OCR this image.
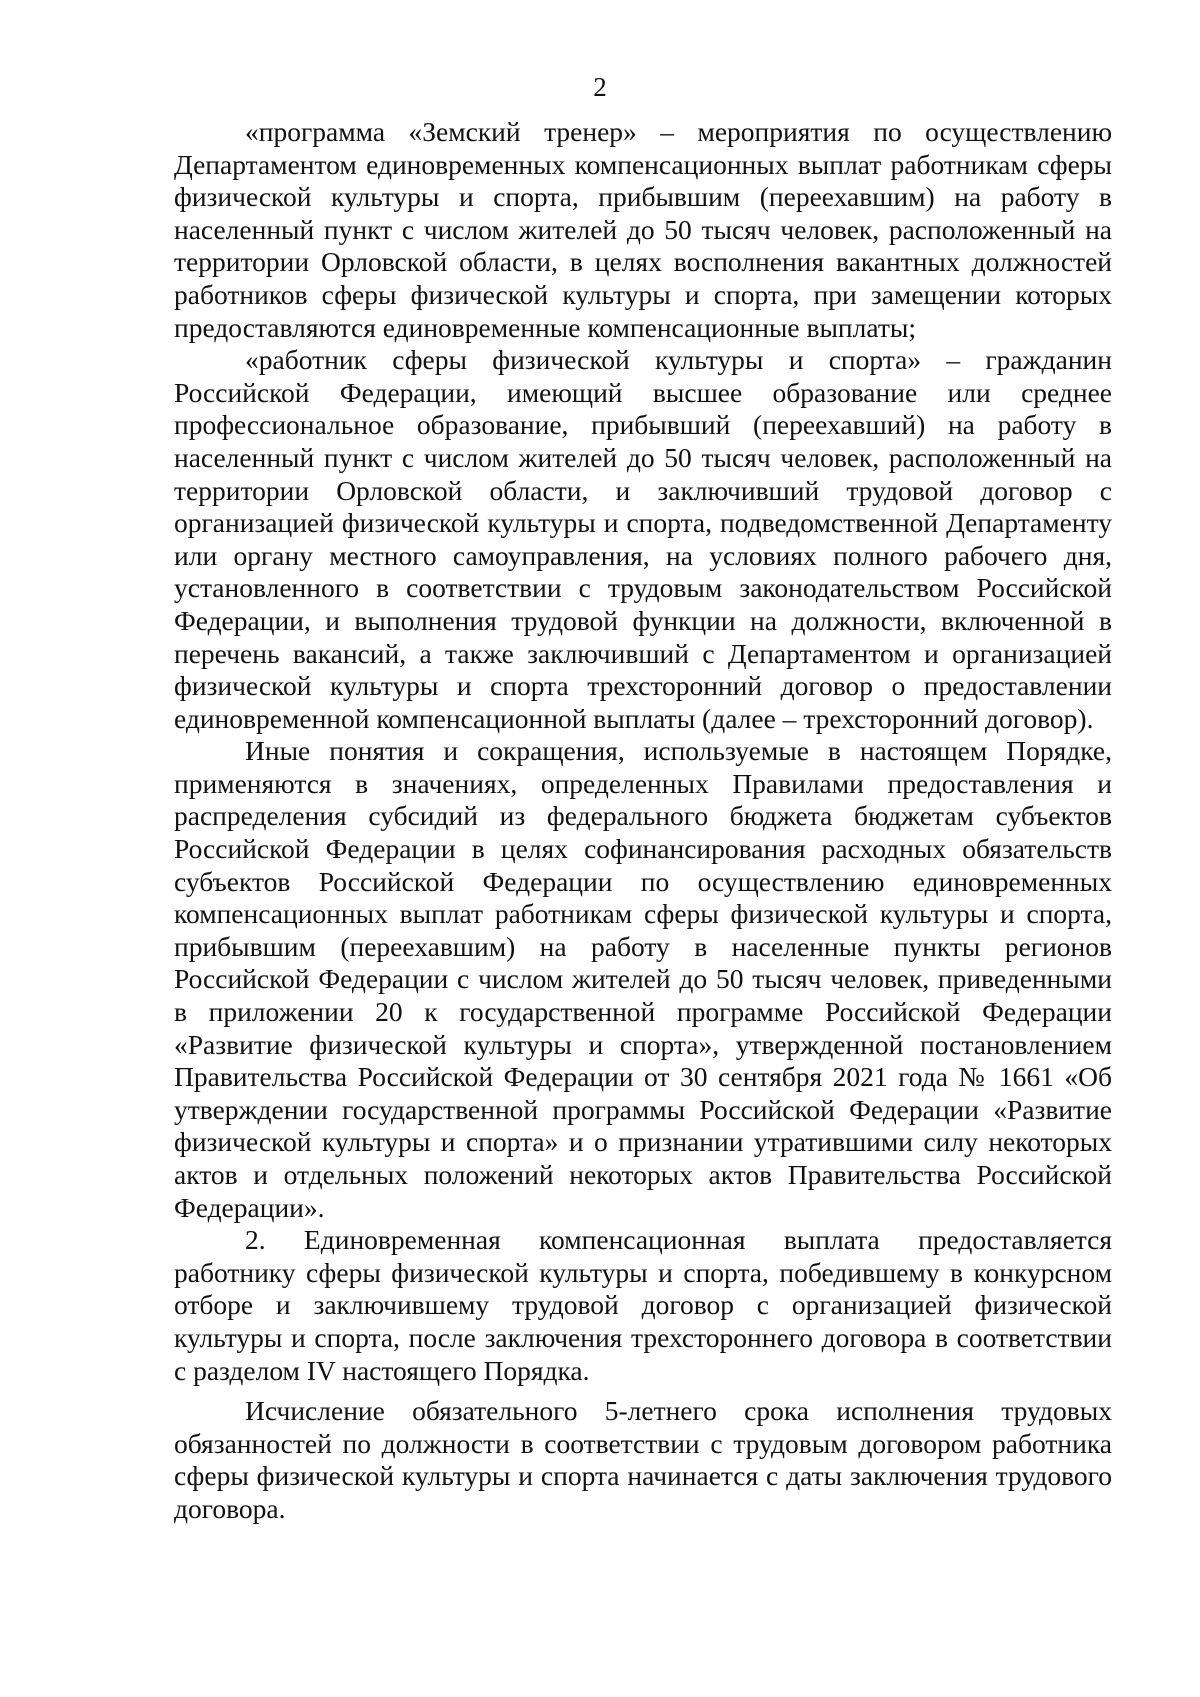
2

«программа «Земский тренер» – мероприятия по осуществлению Департаментом единовременных компенсационных выплат работникам сферы физической культуры и спорта, прибывшим (переехавшим) на работу в населенный пункт с числом жителей до 50 тысяч человек, расположенный на территории Орловской области, в целях восполнения вакантных должностей работников сферы физической культуры и спорта, при замещении которых предоставляются единовременные компенсационные выплаты;

«работник сферы физической культуры и спорта» – гражданин Российской Федерации, имеющий высшее образование или среднее профессиональное образование, прибывший (переехавший) на работу в населенный пункт с числом жителей до 50 тысяч человек, расположенный на территории Орловской области, и заключивший трудовой договор с организацией физической культуры и спорта, подведомственной Департаменту или органу местного самоуправления, на условиях полного рабочего дня, установленного в соответствии с трудовым законодательством Российской Федерации, и выполнения трудовой функции на должности, включенной в перечень вакансий, а также заключивший с Департаментом и организацией физической культуры и спорта трехсторонний договор о предоставлении единовременной компенсационной выплаты (далее – трехсторонний договор).

Иные понятия и сокращения, используемые в настоящем Порядке, применяются в значениях, определенных Правилами предоставления и распределения субсидий из федерального бюджета бюджетам субъектов Российской Федерации в целях софинансирования расходных обязательств субъектов Российской Федерации по осуществлению единовременных компенсационных выплат работникам сферы физической культуры и спорта, прибывшим (переехавшим) на работу в населенные пункты регионов Российской Федерации с числом жителей до 50 тысяч человек, приведенными в приложении 20 к государственной программе Российской Федерации «Развитие физической культуры и спорта», утвержденной постановлением Правительства Российской Федерации от 30 сентября 2021 года № 1661 «Об утверждении государственной программы Российской Федерации «Развитие физической культуры и спорта» и о признании утратившими силу некоторых актов и отдельных положений некоторых актов Правительства Российской Федерации».

2. Единовременная компенсационная выплата предоставляется работнику сферы физической культуры и спорта, победившему в конкурсном отборе и заключившему трудовой договор с организацией физической культуры и спорта, после заключения трехстороннего договора в соответствии с разделом IV настоящего Порядка.

Исчисление обязательного 5-летнего срока исполнения трудовых обязанностей по должности в соответствии с трудовым договором работника сферы физической культуры и спорта начинается с даты заключения трудового договора.
